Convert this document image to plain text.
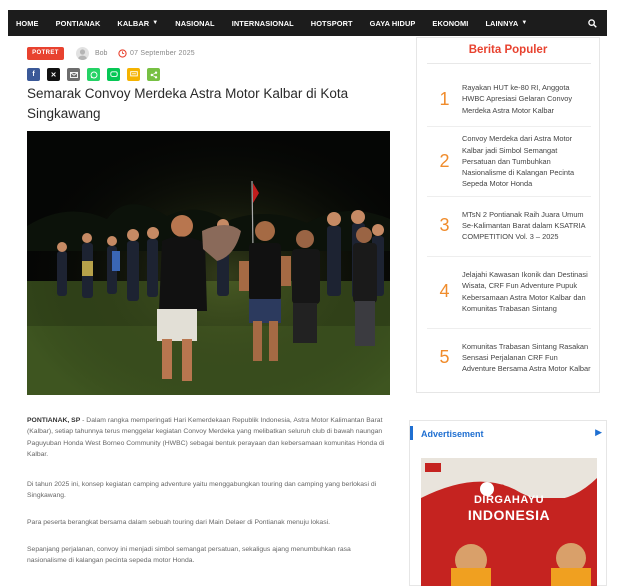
HOME PONTIANAK KALBAR ▼ NASIONAL INTERNASIONAL HOTSPORT GAYA HIDUP EKONOMI LAINNYA ▼
POTRET	Bob	07 September 2025
f ✕
Semarak Convoy Merdeka Astra Motor Kalbar di Kota Singkawang

PONTIANAK, SP - Dalam rangka memperingati Hari Kemerdekaan Republik Indonesia, Astra Motor Kalimantan Barat (Kalbar), setiap tahunnya terus menggelar kegiatan Convoy Merdeka yang melibatkan seluruh club di bawah naungan Paguyuban Honda West Borneo Community (HWBC) sebagai bentuk perayaan dan kebersamaan komunitas Honda di Kalbar.

Di tahun 2025 ini, konsep kegiatan camping adventure yaitu menggabungkan touring dan camping yang berlokasi di Singkawang.

Para peserta berangkat bersama dalam sebuah touring dari Main Delaer di Pontianak menuju lokasi.

Sepanjang perjalanan, convoy ini menjadi simbol semangat persatuan, sekaligus ajang menumbuhkan rasa nasionalisme di kalangan pecinta sepeda motor Honda.

Berita Populer
1
Rayakan HUT ke-80 RI, Anggota HWBC Apresiasi Gelaran Convoy Merdeka Astra Motor Kalbar
2
Convoy Merdeka dari Astra Motor Kalbar jadi Simbol Semangat Persatuan dan Tumbuhkan Nasionalisme di Kalangan Pecinta Sepeda Motor Honda
3
MTsN 2 Pontianak Raih Juara Umum Se-Kalimantan Barat dalam KSATRIA COMPETITION Vol. 3 – 2025
4
Jelajahi Kawasan Ikonik dan Destinasi Wisata, CRF Fun Adventure Pupuk Kebersamaan Astra Motor Kalbar dan Komunitas Trabasan Sintang
5
Komunitas Trabasan Sintang Rasakan Sensasi Perjalanan CRF Fun Adventure Bersama Astra Motor Kalbar
Advertisement	▶
80
DIRGAHAYU
INDONESIA
